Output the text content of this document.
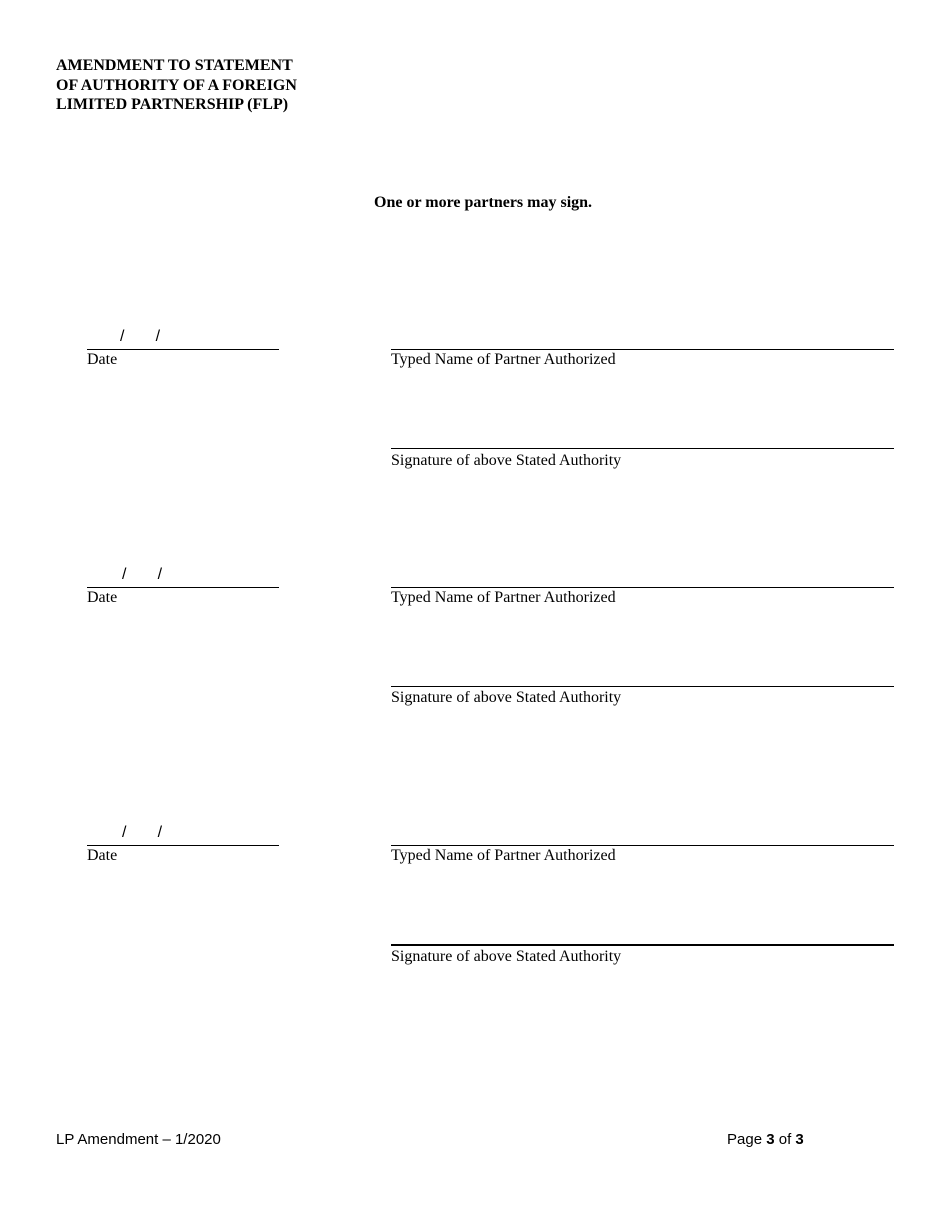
AMENDMENT TO STATEMENT
OF AUTHORITY OF A FOREIGN
LIMITED PARTNERSHIP (FLP)
One or more partners may sign.
/       /
Date	Typed Name of Partner Authorized
Signature of above Stated Authority
/       /
Date	Typed Name of Partner Authorized
Signature of above Stated Authority
/       /
Date	Typed Name of Partner Authorized
Signature of above Stated Authority
LP Amendment – 1/2020	Page 3 of 3
